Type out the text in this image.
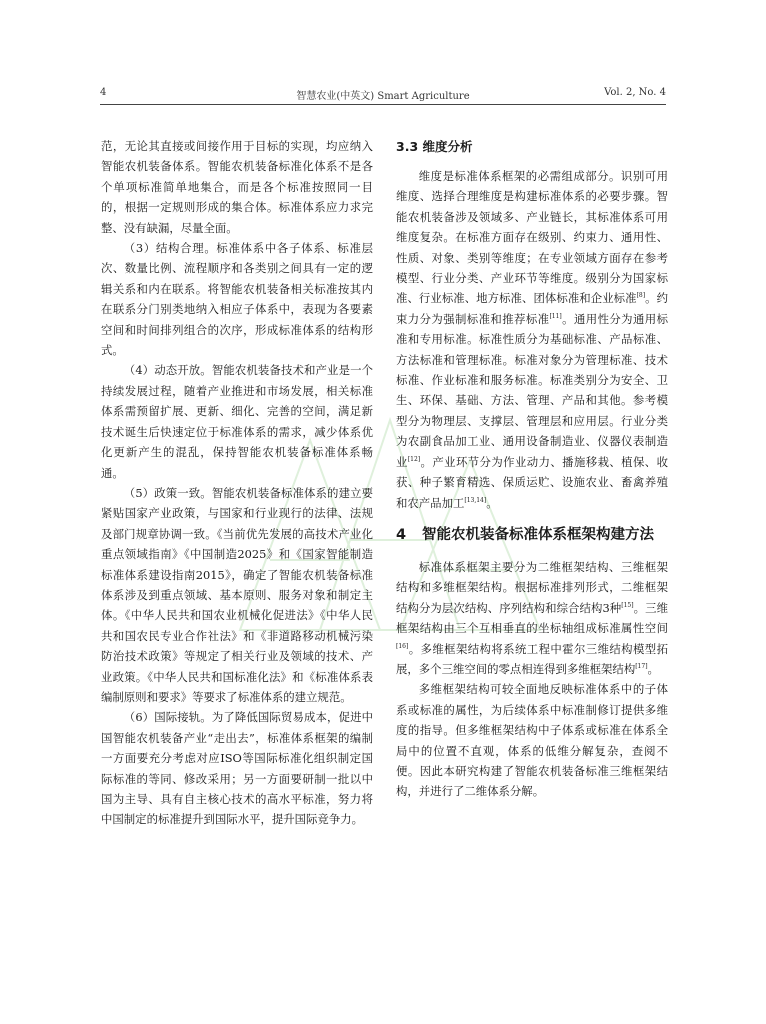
4	智慧农业(中英文) Smart Agriculture	Vol. 2, No. 4

范，无论其直接或间接作用于目标的实现，均应纳入智能农机装备体系。智能农机装备标准化体系不是各个单项标准简单地集合，而是各个标准按照同一目的，根据一定规则形成的集合体。标准体系应力求完整、没有缺漏，尽量全面。

（3）结构合理。标准体系中各子体系、标准层次、数量比例、流程顺序和各类别之间具有一定的逻辑关系和内在联系。将智能农机装备相关标准按其内在联系分门别类地纳入相应子体系中，表现为各要素空间和时间排列组合的次序，形成标准体系的结构形式。

（4）动态开放。智能农机装备技术和产业是一个持续发展过程，随着产业推进和市场发展，相关标准体系需预留扩展、更新、细化、完善的空间，满足新技术诞生后快速定位于标准体系的需求，减少体系优化更新产生的混乱，保持智能农机装备标准体系畅通。

（5）政策一致。智能农机装备标准体系的建立要紧贴国家产业政策，与国家和行业现行的法律、法规及部门规章协调一致。《当前优先发展的高技术产业化重点领域指南》《中国制造2025》和《国家智能制造标准体系建设指南2015》，确定了智能农机装备标准体系涉及到重点领域、基本原则、服务对象和制定主体。《中华人民共和国农业机械化促进法》《中华人民共和国农民专业合作社法》和《非道路移动机械污染防治技术政策》等规定了相关行业及领域的技术、产业政策。《中华人民共和国标准化法》和《标准体系表编制原则和要求》等要求了标准体系的建立规范。

（6）国际接轨。为了降低国际贸易成本，促进中国智能农机装备产业“走出去”，标准体系框架的编制一方面要充分考虑对应ISO等国际标准化组织制定国际标准的等同、修改采用；另一方面要研制一批以中国为主导、具有自主核心技术的高水平标准，努力将中国制定的标准提升到国际水平，提升国际竞争力。

3.3 维度分析

维度是标准体系框架的必需组成部分。识别可用维度、选择合理维度是构建标准体系的必要步骤。智能农机装备涉及领域多、产业链长，其标准体系可用维度复杂。在标准方面存在级别、约束力、通用性、性质、对象、类别等维度；在专业领域方面存在参考模型、行业分类、产业环节等维度。级别分为国家标准、行业标准、地方标准、团体标准和企业标准[8]。约束力分为强制标准和推荐标准[11]。通用性分为通用标准和专用标准。标准性质分为基础标准、产品标准、方法标准和管理标准。标准对象分为管理标准、技术标准、作业标准和服务标准。标准类别分为安全、卫生、环保、基础、方法、管理、产品和其他。参考模型分为物理层、支撑层、管理层和应用层。行业分类为农副食品加工业、通用设备制造业、仪器仪表制造业[12]。产业环节分为作业动力、播施移栽、植保、收获、种子繁育精选、保质运贮、设施农业、畜禽养殖和农产品加工[13,14]。

4	智能农机装备标准体系框架构建方法

标准体系框架主要分为二维框架结构、三维框架结构和多维框架结构。根据标准排列形式，二维框架结构分为层次结构、序列结构和综合结构3种[15]。三维框架结构由三个互相垂直的坐标轴组成标准属性空间[16]。多维框架结构将系统工程中霍尔三维结构模型拓展，多个三维空间的零点相连得到多维框架结构[17]。

多维框架结构可较全面地反映标准体系中的子体系或标准的属性，为后续体系中标准制修订提供多维度的指导。但多维框架结构中子体系或标准在体系全局中的位置不直观，体系的低维分解复杂，查阅不便。因此本研究构建了智能农机装备标准三维框架结构，并进行了二维体系分解。
